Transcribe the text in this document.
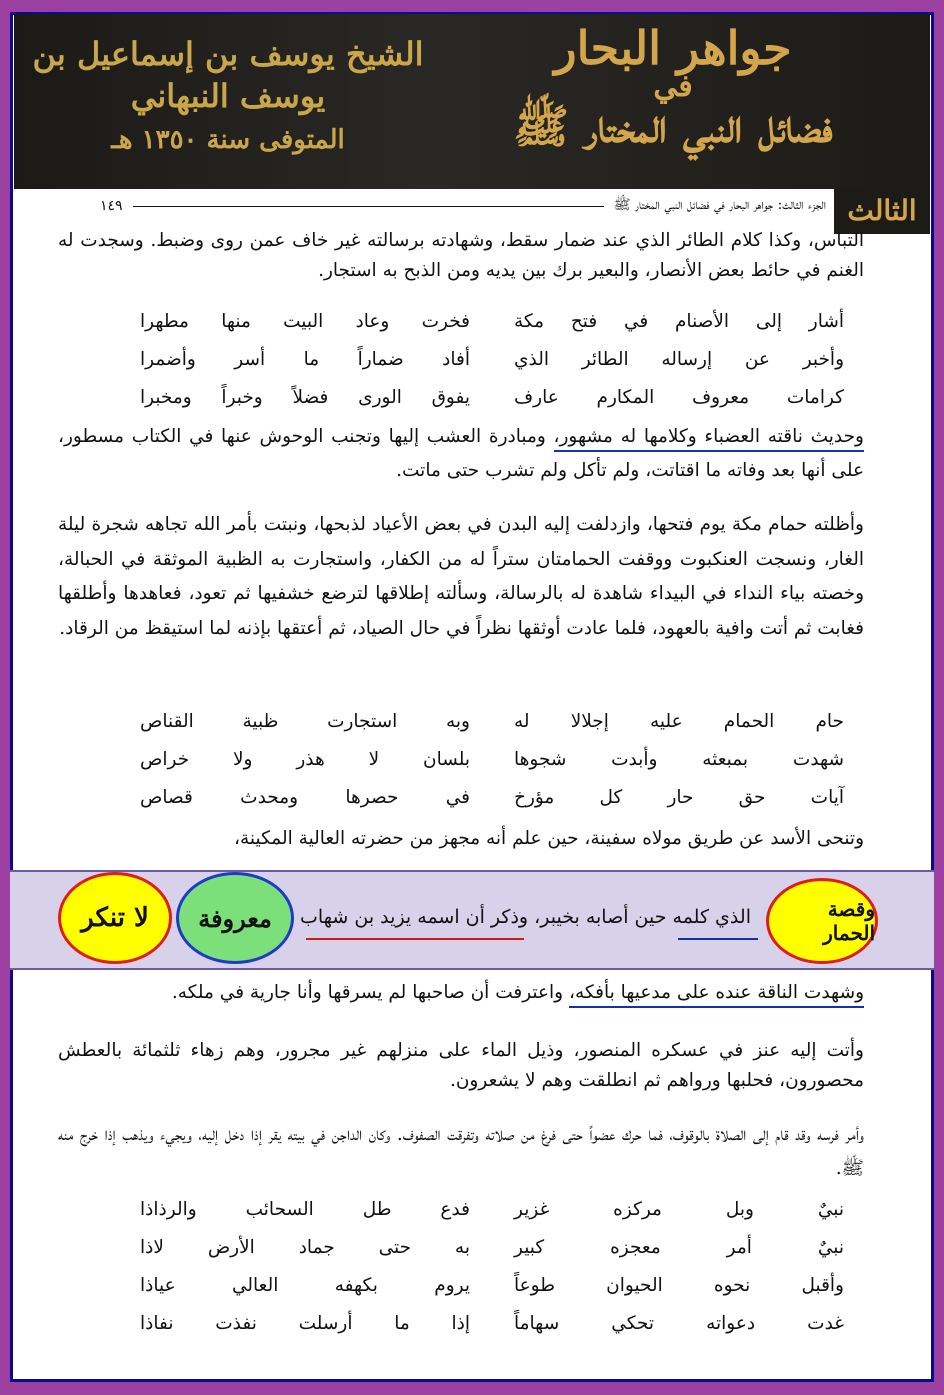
الشيخ يوسف بن إسماعيل بن يوسف النبهاني
المتوفى سنة ١٣٥٠ هـ
جواهر البحار
في
فضائل النبي المختار ﷺ
الثالث
الجزء الثالث: جواهر البحار في فضائل النبي المختار ﷺ
١٤٩

التباس، وكذا كلام الطائر الذي عند ضمار سقط، وشهادته برسالته غير خاف عمن روى وضبط. وسجدت له الغنم في حائط بعض الأنصار، والبعير برك بين يديه ومن الذبح به استجار.

أشار إلى الأصنام في فتح مكة
فخرت وعاد البيت منها مطهرا
وأخبر عن إرساله الطائر الذي
أفاد ضماراً ما أسر وأضمرا
كرامات معروف المكارم عارف
يفوق الورى فضلاً وخبراً ومخبرا

وحديث ناقته العضباء وكلامها له مشهور، ومبادرة العشب إليها وتجنب الوحوش عنها في الكتاب مسطور، على أنها بعد وفاته ما اقتاتت، ولم تأكل ولم تشرب حتى ماتت.

وأظلته حمام مكة يوم فتحها، وازدلفت إليه البدن في بعض الأعياد لذبحها، ونبتت بأمر الله تجاهه شجرة ليلة الغار، ونسجت العنكبوت ووقفت الحمامتان ستراً له من الكفار، واستجارت به الظبية الموثقة في الحبالة، وخصته بياء النداء في البيداء شاهدة له بالرسالة، وسألته إطلاقها لترضع خشفيها ثم تعود، فعاهدها وأطلقها فغابت ثم أتت وافية بالعهود، فلما عادت أوثقها نظراً في حال الصياد، ثم أعتقها بإذنه لما استيقظ من الرقاد.

حام الحمام عليه إجلالا له
وبه استجارت ظبية القناص
شهدت بمبعثه وأبدت شجوها
بلسان لا هذر ولا خراص
آيات حق حار كل مؤرخ
في حصرها ومحدث قصاص

وتنحى الأسد عن طريق مولاه سفينة، حين علم أنه مجهز من حضرته العالية المكينة،

الذي كلمه حين أصابه بخيبر، وذكر أن اسمه يزيد بن شهاب	وقصة الحمار
معروفة
لا تنكر

وشهدت الناقة عنده على مدعيها بأفكه، واعترفت أن صاحبها لم يسرقها وأنا جارية في ملكه.

وأتت إليه عنز في عسكره المنصور، وذيل الماء على منزلهم غير مجرور، وهم زهاء ثلثمائة بالعطش محصورون، فحلبها ورواهم ثم انطلقت وهم لا يشعرون.

وأمر فرسه وقد قام إلى الصلاة بالوقوف، فما حرك عضواً حتى فرغ من صلاته وتفرقت الصفوف. وكان الداجن في بيته يقر إذا دخل إليه، ويجيء ويذهب إذا خرج منه ﷺ.

نبيٌ وبل مركزه غزير
فدع طل السحائب والرذاذا
نبيٌ أمر معجزه كبير
به حتى جماد الأرض لاذا
وأقبل نحوه الحيوان طوعاً
يروم بكهفه العالي عياذا
غدت دعواته تحكي سهاماً
إذا ما أرسلت نفذت نفاذا
